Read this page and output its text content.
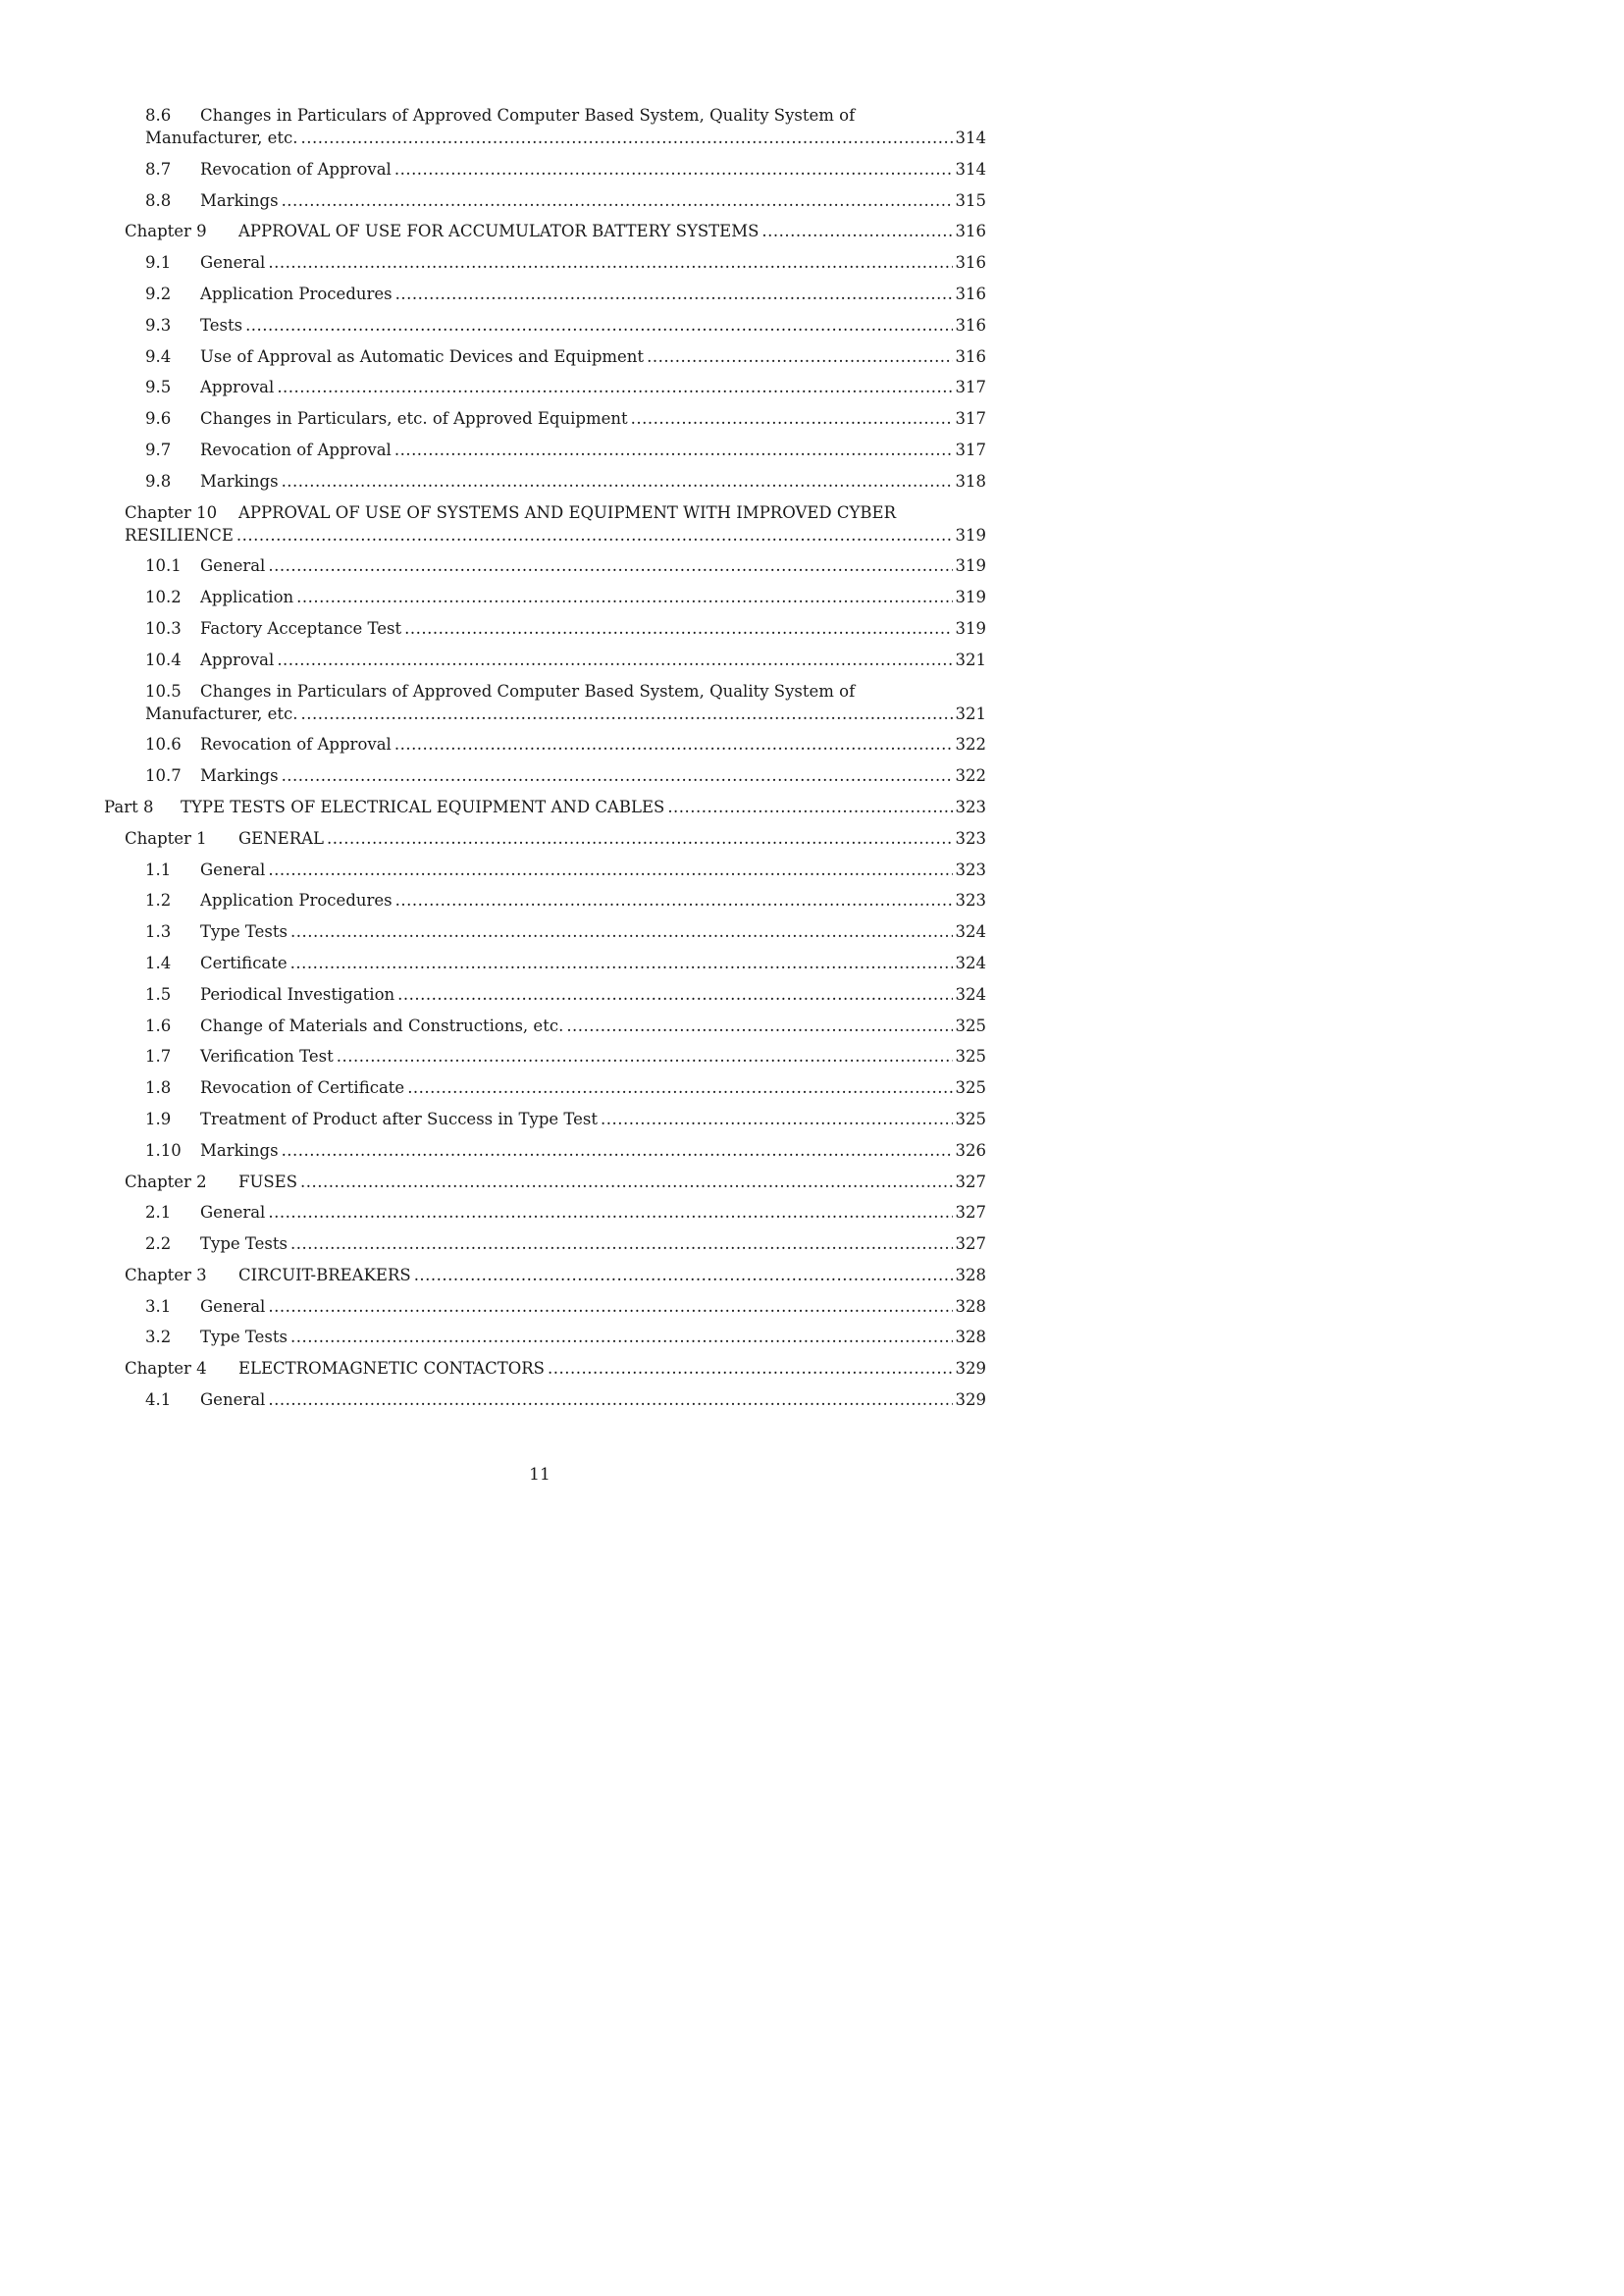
8.6 Changes in Particulars of Approved Computer Based System, Quality System of
Manufacturer, etc. .....	314
8.7	Revocation of Approval .....	314
8.8	Markings .....	315
Chapter 9	APPROVAL OF USE FOR ACCUMULATOR BATTERY SYSTEMS .....	316
9.1	General .....	316
9.2	Application Procedures .....	316
9.3	Tests .....	316
9.4	Use of Approval as Automatic Devices and Equipment .....	316
9.5	Approval .....	317
9.6	Changes in Particulars, etc. of Approved Equipment .....	317
9.7	Revocation of Approval .....	317
9.8	Markings .....	318
Chapter 10 APPROVAL OF USE OF SYSTEMS AND EQUIPMENT WITH IMPROVED CYBER
RESILIENCE .....	319
10.1	General .....	319
10.2	Application .....	319
10.3	Factory Acceptance Test .....	319
10.4	Approval .....	321
10.5 Changes in Particulars of Approved Computer Based System, Quality System of
Manufacturer, etc. .....	321
10.6	Revocation of Approval .....	322
10.7	Markings .....	322
Part 8	TYPE TESTS OF ELECTRICAL EQUIPMENT AND CABLES .....	323
Chapter 1	GENERAL .....	323
1.1	General .....	323
1.2	Application Procedures .....	323
1.3	Type Tests .....	324
1.4	Certificate .....	324
1.5	Periodical Investigation .....	324
1.6	Change of Materials and Constructions, etc. .....	325
1.7	Verification Test .....	325
1.8	Revocation of Certificate .....	325
1.9	Treatment of Product after Success in Type Test .....	325
1.10	Markings .....	326
Chapter 2	FUSES .....	327
2.1	General .....	327
2.2	Type Tests .....	327
Chapter 3	CIRCUIT-BREAKERS .....	328
3.1	General .....	328
3.2	Type Tests .....	328
Chapter 4	ELECTROMAGNETIC CONTACTORS .....	329
4.1	General .....	329
11
